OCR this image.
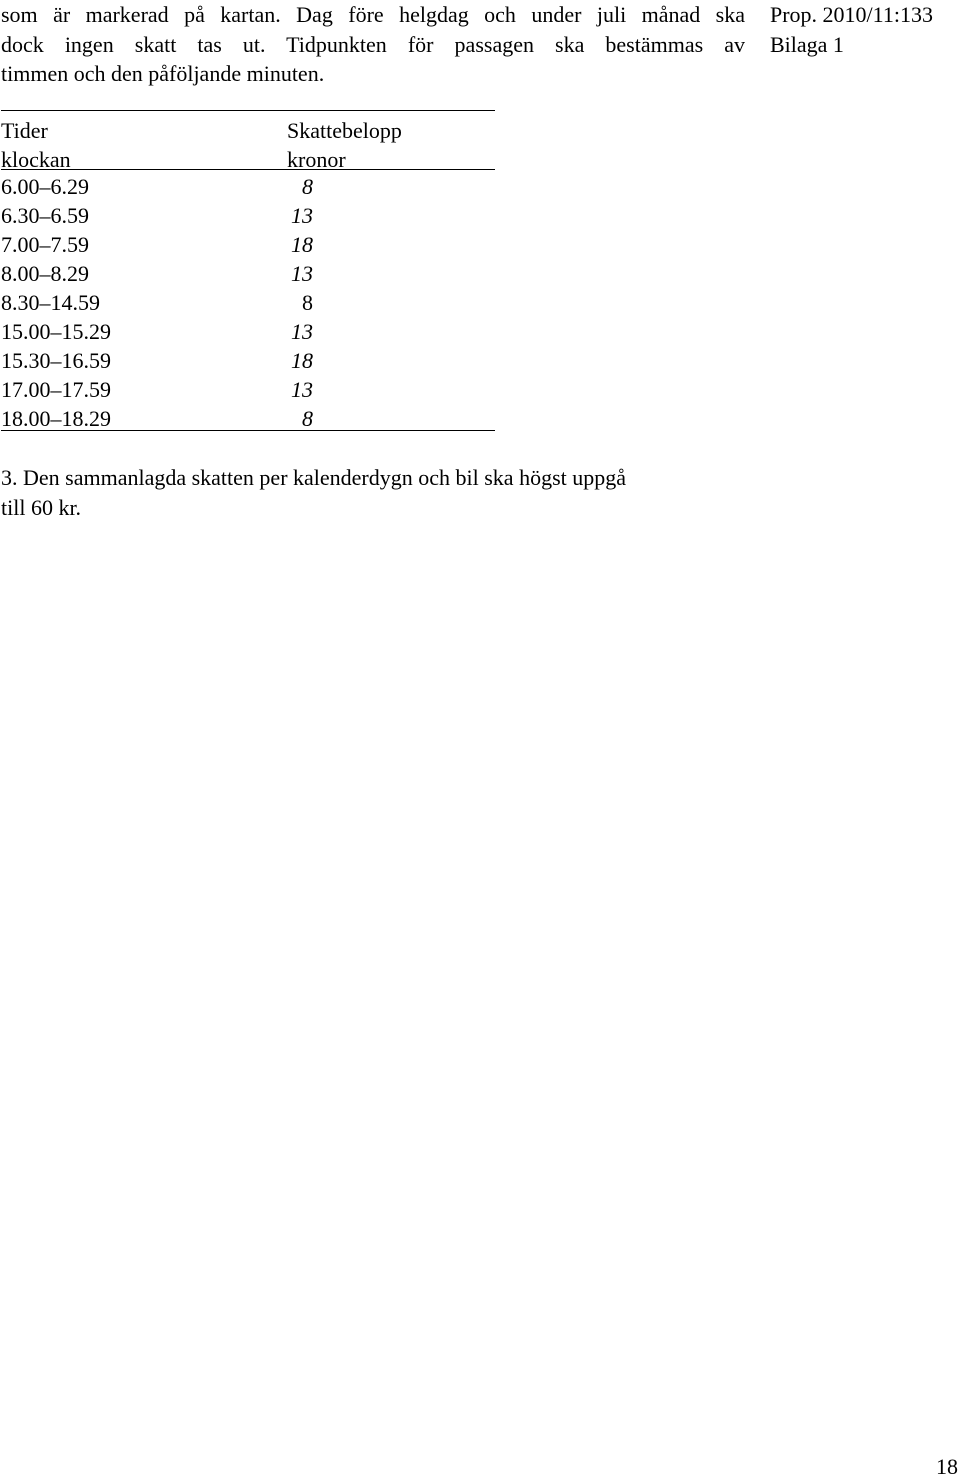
som är markerad på kartan. Dag före helgdag och under juli månad ska
dock ingen skatt tas ut. Tidpunkten för passagen ska bestämmas av
timmen och den påföljande minuten.
Prop. 2010/11:133
Bilaga 1
Tider
klockan
Skattebelopp
kronor
6.00–6.29	8
6.30–6.59	13
7.00–7.59	18
8.00–8.29	13
8.30–14.59	8
15.00–15.29	13
15.30–16.59	18
17.00–17.59	13
18.00–18.29	8
3. Den sammanlagda skatten per kalenderdygn och bil ska högst uppgå
till 60 kr.
18
